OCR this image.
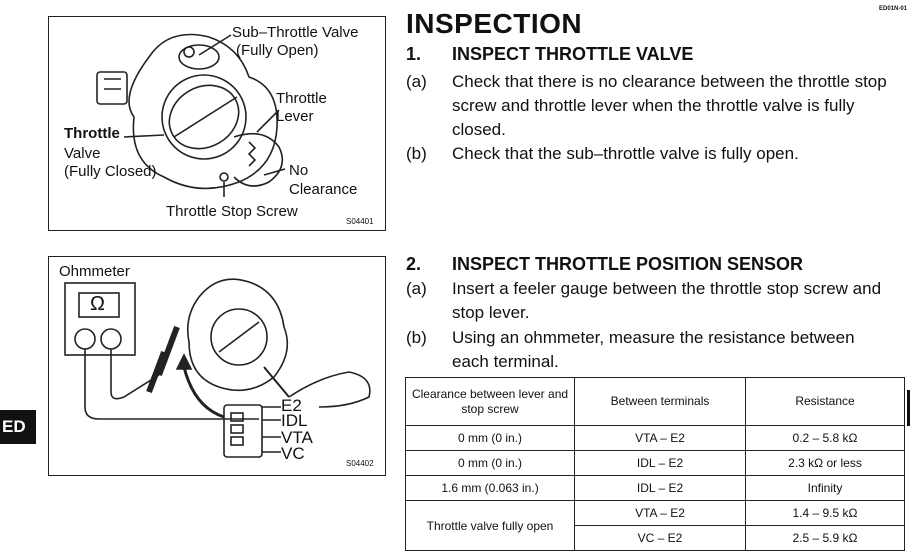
ED01N-01
ED
Sub–Throttle Valve
(Fully Open)
Throttle
Lever
Throttle
Valve
(Fully Closed)	No
Clearance
Throttle Stop Screw
S04401
Ohmmeter
Ω
E2
IDL
VTA
VC
S04402
INSPECTION
1. INSPECT THROTTLE VALVE
(a) Check that there is no clearance between the throttle stop
screw and throttle lever when the throttle valve is fully
closed.
(b) Check that the sub–throttle valve is fully open.
2. INSPECT THROTTLE POSITION SENSOR
(a) Insert a feeler gauge between the throttle stop screw and
stop lever.
(b) Using an ohmmeter, measure the resistance between
each terminal.
Clearance between lever and stop screw	Between terminals	Resistance
0 mm (0 in.)	VTA – E2	0.2 – 5.8 kΩ
0 mm (0 in.)	IDL – E2	2.3 kΩ or less
1.6 mm (0.063 in.)	IDL – E2	Infinity
Throttle valve fully open	VTA – E2	1.4 – 9.5 kΩ
	VC – E2	2.5 – 5.9 kΩ
